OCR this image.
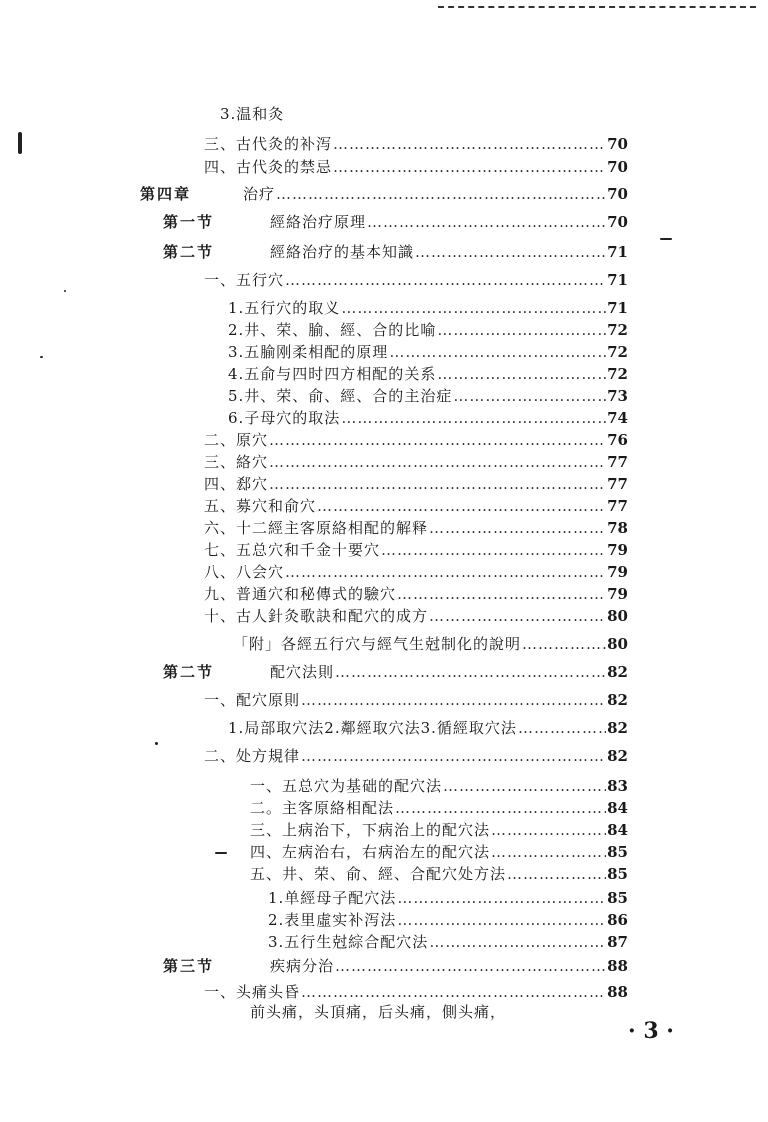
3.温和灸
三、古代灸的补泻 ……………………………………………………………………………………………………………………………………	70
四、古代灸的禁忌 ……………………………………………………………………………………………………………………………………	70
第四章	治疗 ……………………………………………………………………………………………………………………………………	70
第一节	經絡治疗原理 ……………………………………………………………………………………………………………………………………	70
第二节	經絡治疗的基本知識 ……………………………………………………………………………………………………………………………………	71
一、五行穴 ……………………………………………………………………………………………………………………………………	71
1.五行穴的取义 ……………………………………………………………………………………………………………………………………	71
2.井、荣、腧、經、合的比喻 ……………………………………………………………………………………………………………………………………	72
3.五腧刚柔相配的原理 ……………………………………………………………………………………………………………………………………	72
4.五俞与四时四方相配的关系 ……………………………………………………………………………………………………………………………………	72
5.井、荣、俞、經、合的主治症 ……………………………………………………………………………………………………………………………………	73
6.子母穴的取法 ……………………………………………………………………………………………………………………………………	74
二、原穴 ……………………………………………………………………………………………………………………………………	76
三、絡穴 ……………………………………………………………………………………………………………………………………	77
四、郄穴 ……………………………………………………………………………………………………………………………………	77
五、募穴和俞穴 ……………………………………………………………………………………………………………………………………	77
六、十二經主客原絡相配的解释 ……………………………………………………………………………………………………………………………………	78
七、五总穴和千金十要穴 ……………………………………………………………………………………………………………………………………	79
八、八会穴 ……………………………………………………………………………………………………………………………………	79
九、普通穴和秘傳式的驗穴 ……………………………………………………………………………………………………………………………………	79
十、古人針灸歌訣和配穴的成方 ……………………………………………………………………………………………………………………………………	80
「附」各經五行穴与經气生尅制化的說明 ……………………………………………………………………………………………………………………………………	80
第二节	配穴法則 ……………………………………………………………………………………………………………………………………	82
一、配穴原則 ……………………………………………………………………………………………………………………………………	82
1.局部取穴法2.鄰經取穴法3.循經取穴法 ……………………………………………………………………………………………………………………………………	82
二、处方規律 ……………………………………………………………………………………………………………………………………	82
一、五总穴为基础的配穴法 ……………………………………………………………………………………………………………………………………	83
二。主客原絡相配法 ……………………………………………………………………………………………………………………………………	84
三、上病治下，下病治上的配穴法 ……………………………………………………………………………………………………………………………………	84
四、左病治右，右病治左的配穴法 ……………………………………………………………………………………………………………………………………	85
五、井、荣、俞、經、合配穴处方法 ……………………………………………………………………………………………………………………………………	85
1.单經母子配穴法 ……………………………………………………………………………………………………………………………………	85
2.表里虛实补泻法 ……………………………………………………………………………………………………………………………………	86
3.五行生尅綜合配穴法 ……………………………………………………………………………………………………………………………………	87
第三节	疾病分治 ……………………………………………………………………………………………………………………………………	88
一、头痛头昏 ……………………………………………………………………………………………………………………………………	88
前头痛，头頂痛，后头痛，側头痛，
· 3 ·
